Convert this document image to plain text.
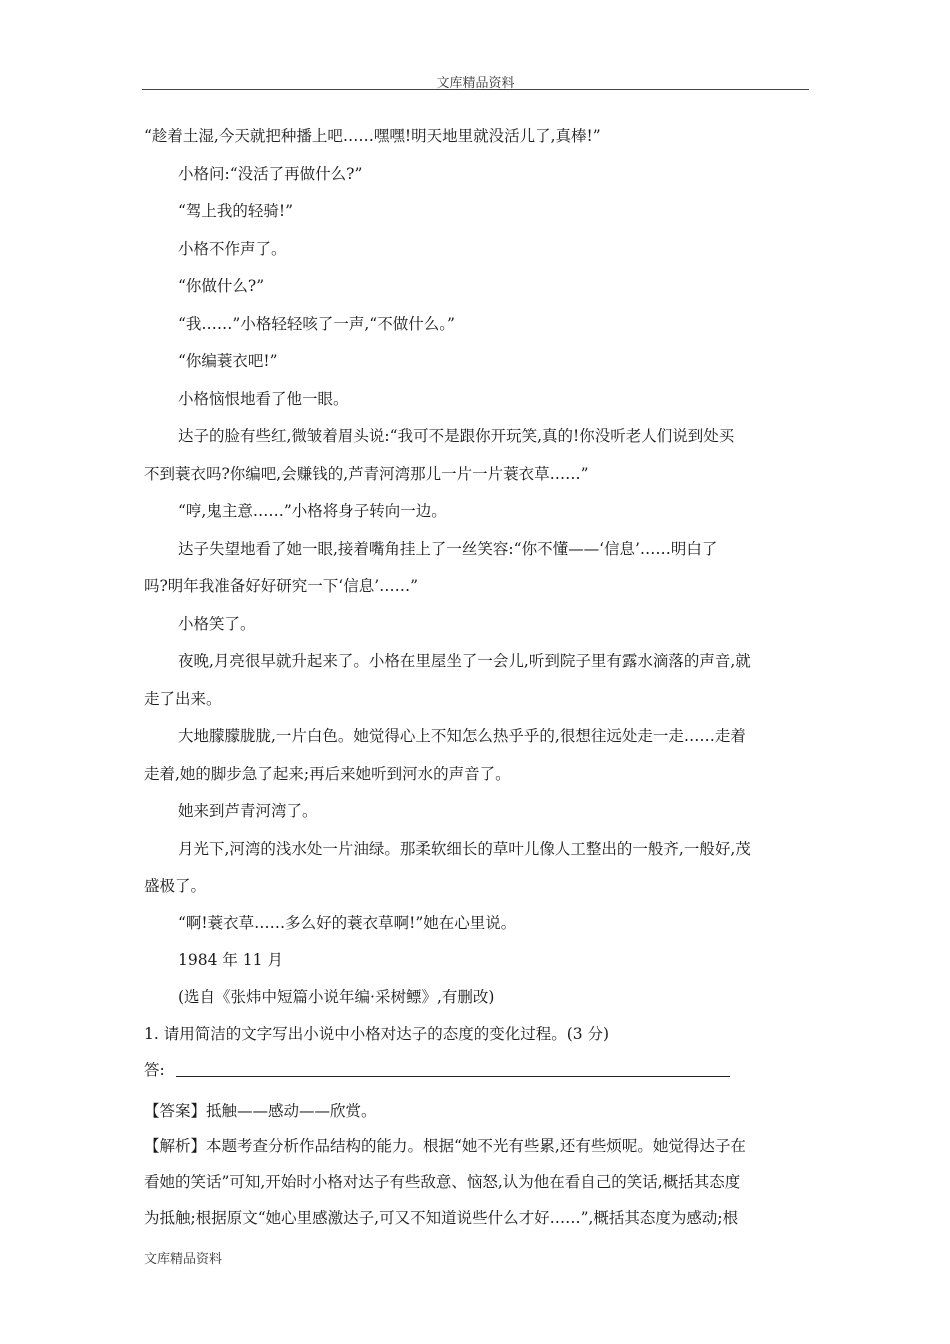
文库精品资料
“趁着土湿,今天就把种播上吧……嘿嘿!明天地里就没活儿了,真棒!”
小格问:“没活了再做什么?”
“驾上我的轻骑!”
小格不作声了。
“你做什么?”
“我……”小格轻轻咳了一声,“不做什么。”
“你编蓑衣吧!”
小格恼恨地看了他一眼。
达子的脸有些红,微皱着眉头说:“我可不是跟你开玩笑,真的!你没听老人们说到处买
不到蓑衣吗?你编吧,会赚钱的,芦青河湾那儿一片一片蓑衣草……”
“哼,鬼主意……”小格将身子转向一边。
达子失望地看了她一眼,接着嘴角挂上了一丝笑容:“你不懂——‘信息’……明白了
吗?明年我准备好好研究一下‘信息’……”
小格笑了。
夜晚,月亮很早就升起来了。小格在里屋坐了一会儿,听到院子里有露水滴落的声音,就
走了出来。
大地朦朦胧胧,一片白色。她觉得心上不知怎么热乎乎的,很想往远处走一走……走着
走着,她的脚步急了起来;再后来她听到河水的声音了。
她来到芦青河湾了。
月光下,河湾的浅水处一片油绿。那柔软细长的草叶儿像人工整出的一般齐,一般好,茂
盛极了。
“啊!蓑衣草……多么好的蓑衣草啊!”她在心里说。
1984 年 11 月
(选自《张炜中短篇小说年编·采树鳔》,有删改)
1. 请用简洁的文字写出小说中小格对达子的态度的变化过程。(3 分)
答:
【答案】抵触——感动——欣赏。
【解析】本题考查分析作品结构的能力。根据“她不光有些累,还有些烦呢。她觉得达子在
看她的笑话”可知,开始时小格对达子有些敌意、恼怒,认为他在看自己的笑话,概括其态度
为抵触;根据原文“她心里感激达子,可又不知道说些什么才好……”,概括其态度为感动;根
文库精品资料
